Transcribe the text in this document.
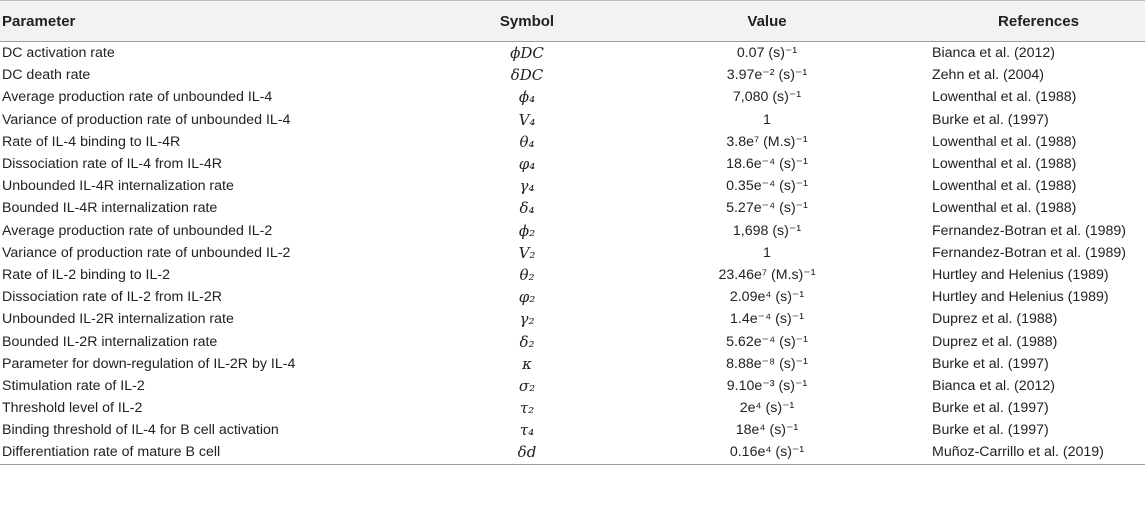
Parameter	Symbol	Value	References
DC activation rate	ϕDC	0.07 (s)⁻¹	Bianca et al. (2012)
DC death rate	δDC	3.97e⁻² (s)⁻¹	Zehn et al. (2004)
Average production rate of unbounded IL-4	ϕ₄	7,080 (s)⁻¹	Lowenthal et al. (1988)
Variance of production rate of unbounded IL-4	V₄	1	Burke et al. (1997)
Rate of IL-4 binding to IL-4R	θ₄	3.8e⁷ (M.s)⁻¹	Lowenthal et al. (1988)
Dissociation rate of IL-4 from IL-4R	φ₄	18.6e⁻⁴ (s)⁻¹	Lowenthal et al. (1988)
Unbounded IL-4R internalization rate	γ₄	0.35e⁻⁴ (s)⁻¹	Lowenthal et al. (1988)
Bounded IL-4R internalization rate	δ₄	5.27e⁻⁴ (s)⁻¹	Lowenthal et al. (1988)
Average production rate of unbounded IL-2	ϕ₂	1,698 (s)⁻¹	Fernandez-Botran et al. (1989)
Variance of production rate of unbounded IL-2	V₂	1	Fernandez-Botran et al. (1989)
Rate of IL-2 binding to IL-2	θ₂	23.46e⁷ (M.s)⁻¹	Hurtley and Helenius (1989)
Dissociation rate of IL-2 from IL-2R	φ₂	2.09e⁴ (s)⁻¹	Hurtley and Helenius (1989)
Unbounded IL-2R internalization rate	γ₂	1.4e⁻⁴ (s)⁻¹	Duprez et al. (1988)
Bounded IL-2R internalization rate	δ₂	5.62e⁻⁴ (s)⁻¹	Duprez et al. (1988)
Parameter for down-regulation of IL-2R by IL-4	κ	8.88e⁻⁸ (s)⁻¹	Burke et al. (1997)
Stimulation rate of IL-2	σ₂	9.10e⁻³ (s)⁻¹	Bianca et al. (2012)
Threshold level of IL-2	τ₂	2e⁴ (s)⁻¹	Burke et al. (1997)
Binding threshold of IL-4 for B cell activation	τ₄	18e⁴ (s)⁻¹	Burke et al. (1997)
Differentiation rate of mature B cell	δd	0.16e⁴ (s)⁻¹	Muñoz-Carrillo et al. (2019)
